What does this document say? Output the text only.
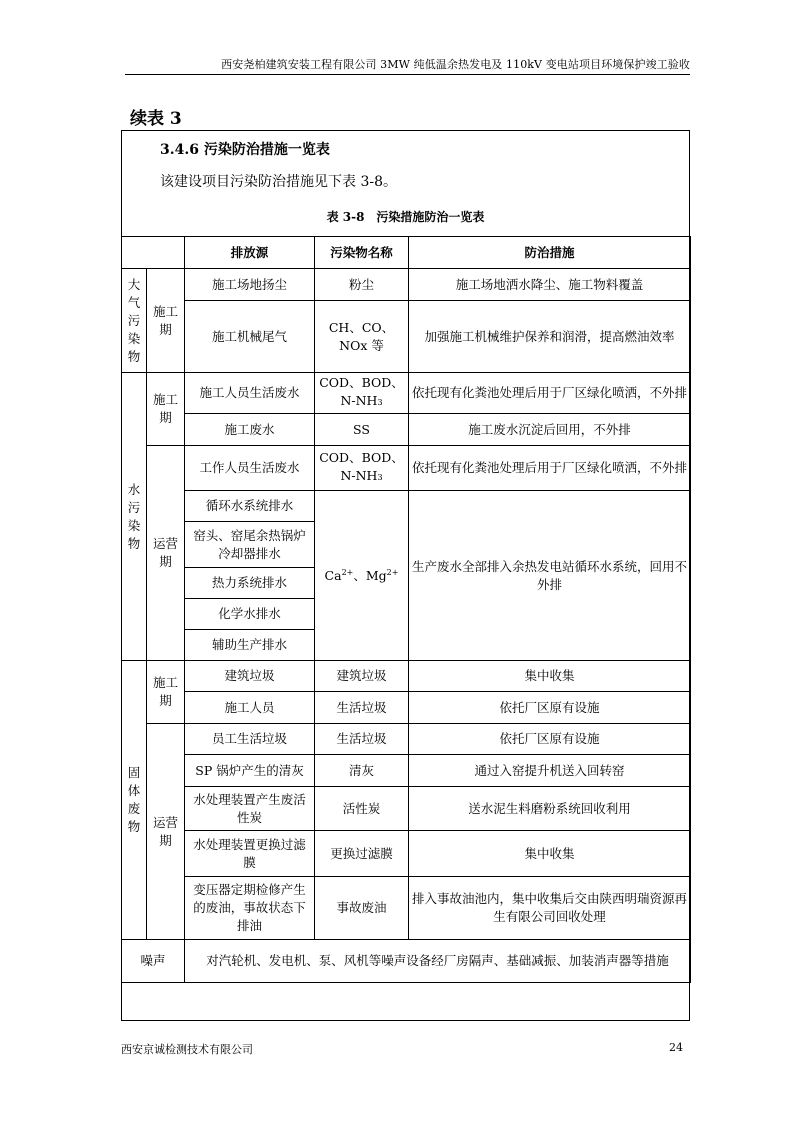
西安尧柏建筑安装工程有限公司 3MW 纯低温余热发电及 110kV 变电站项目环境保护竣工验收
续表 3
3.4.6 污染防治措施一览表
该建设项目污染防治措施见下表 3-8。
表 3-8　污染措施防治一览表
		排放源	污染物名称	防治措施
大气污染物	施工期	施工场地扬尘	粉尘	施工场地洒水降尘、施工物料覆盖
		施工机械尾气	CH、CO、
NOx 等	加强施工机械维护保养和润滑，提高燃油效率
水污染物	施工期	施工人员生活废水	COD、BOD、
N-NH3	依托现有化粪池处理后用于厂区绿化喷洒，不外排
		施工废水	SS	施工废水沉淀后回用，不外排
	运营期	工作人员生活废水	COD、BOD、
N-NH3	依托现有化粪池处理后用于厂区绿化喷洒，不外排
		循环水系统排水	$Ca^{2+}$、$Mg^{2+}$	生产废水全部排入余热发电站循环水系统，回用不外排
		窑头、窑尾余热锅炉冷却器排水		
		热力系统排水		
		化学水排水		
		辅助生产排水		
固体废物	施工期	建筑垃圾	建筑垃圾	集中收集
		施工人员	生活垃圾	依托厂区原有设施
	运营期	员工生活垃圾	生活垃圾	依托厂区原有设施
		SP 锅炉产生的清灰	清灰	通过入窑提升机送入回转窑
		水处理装置产生废活性炭	活性炭	送水泥生料磨粉系统回收利用
		水处理装置更换过滤膜	更换过滤膜	集中收集
		变压器定期检修产生的废油，事故状态下排油	事故废油	排入事故油池内，集中收集后交由陕西明瑞资源再生有限公司回收处理
噪声		对汽轮机、发电机、泵、风机等噪声设备经厂房隔声、基础减振、加装消声器等措施		
西安京诚检测技术有限公司	24
